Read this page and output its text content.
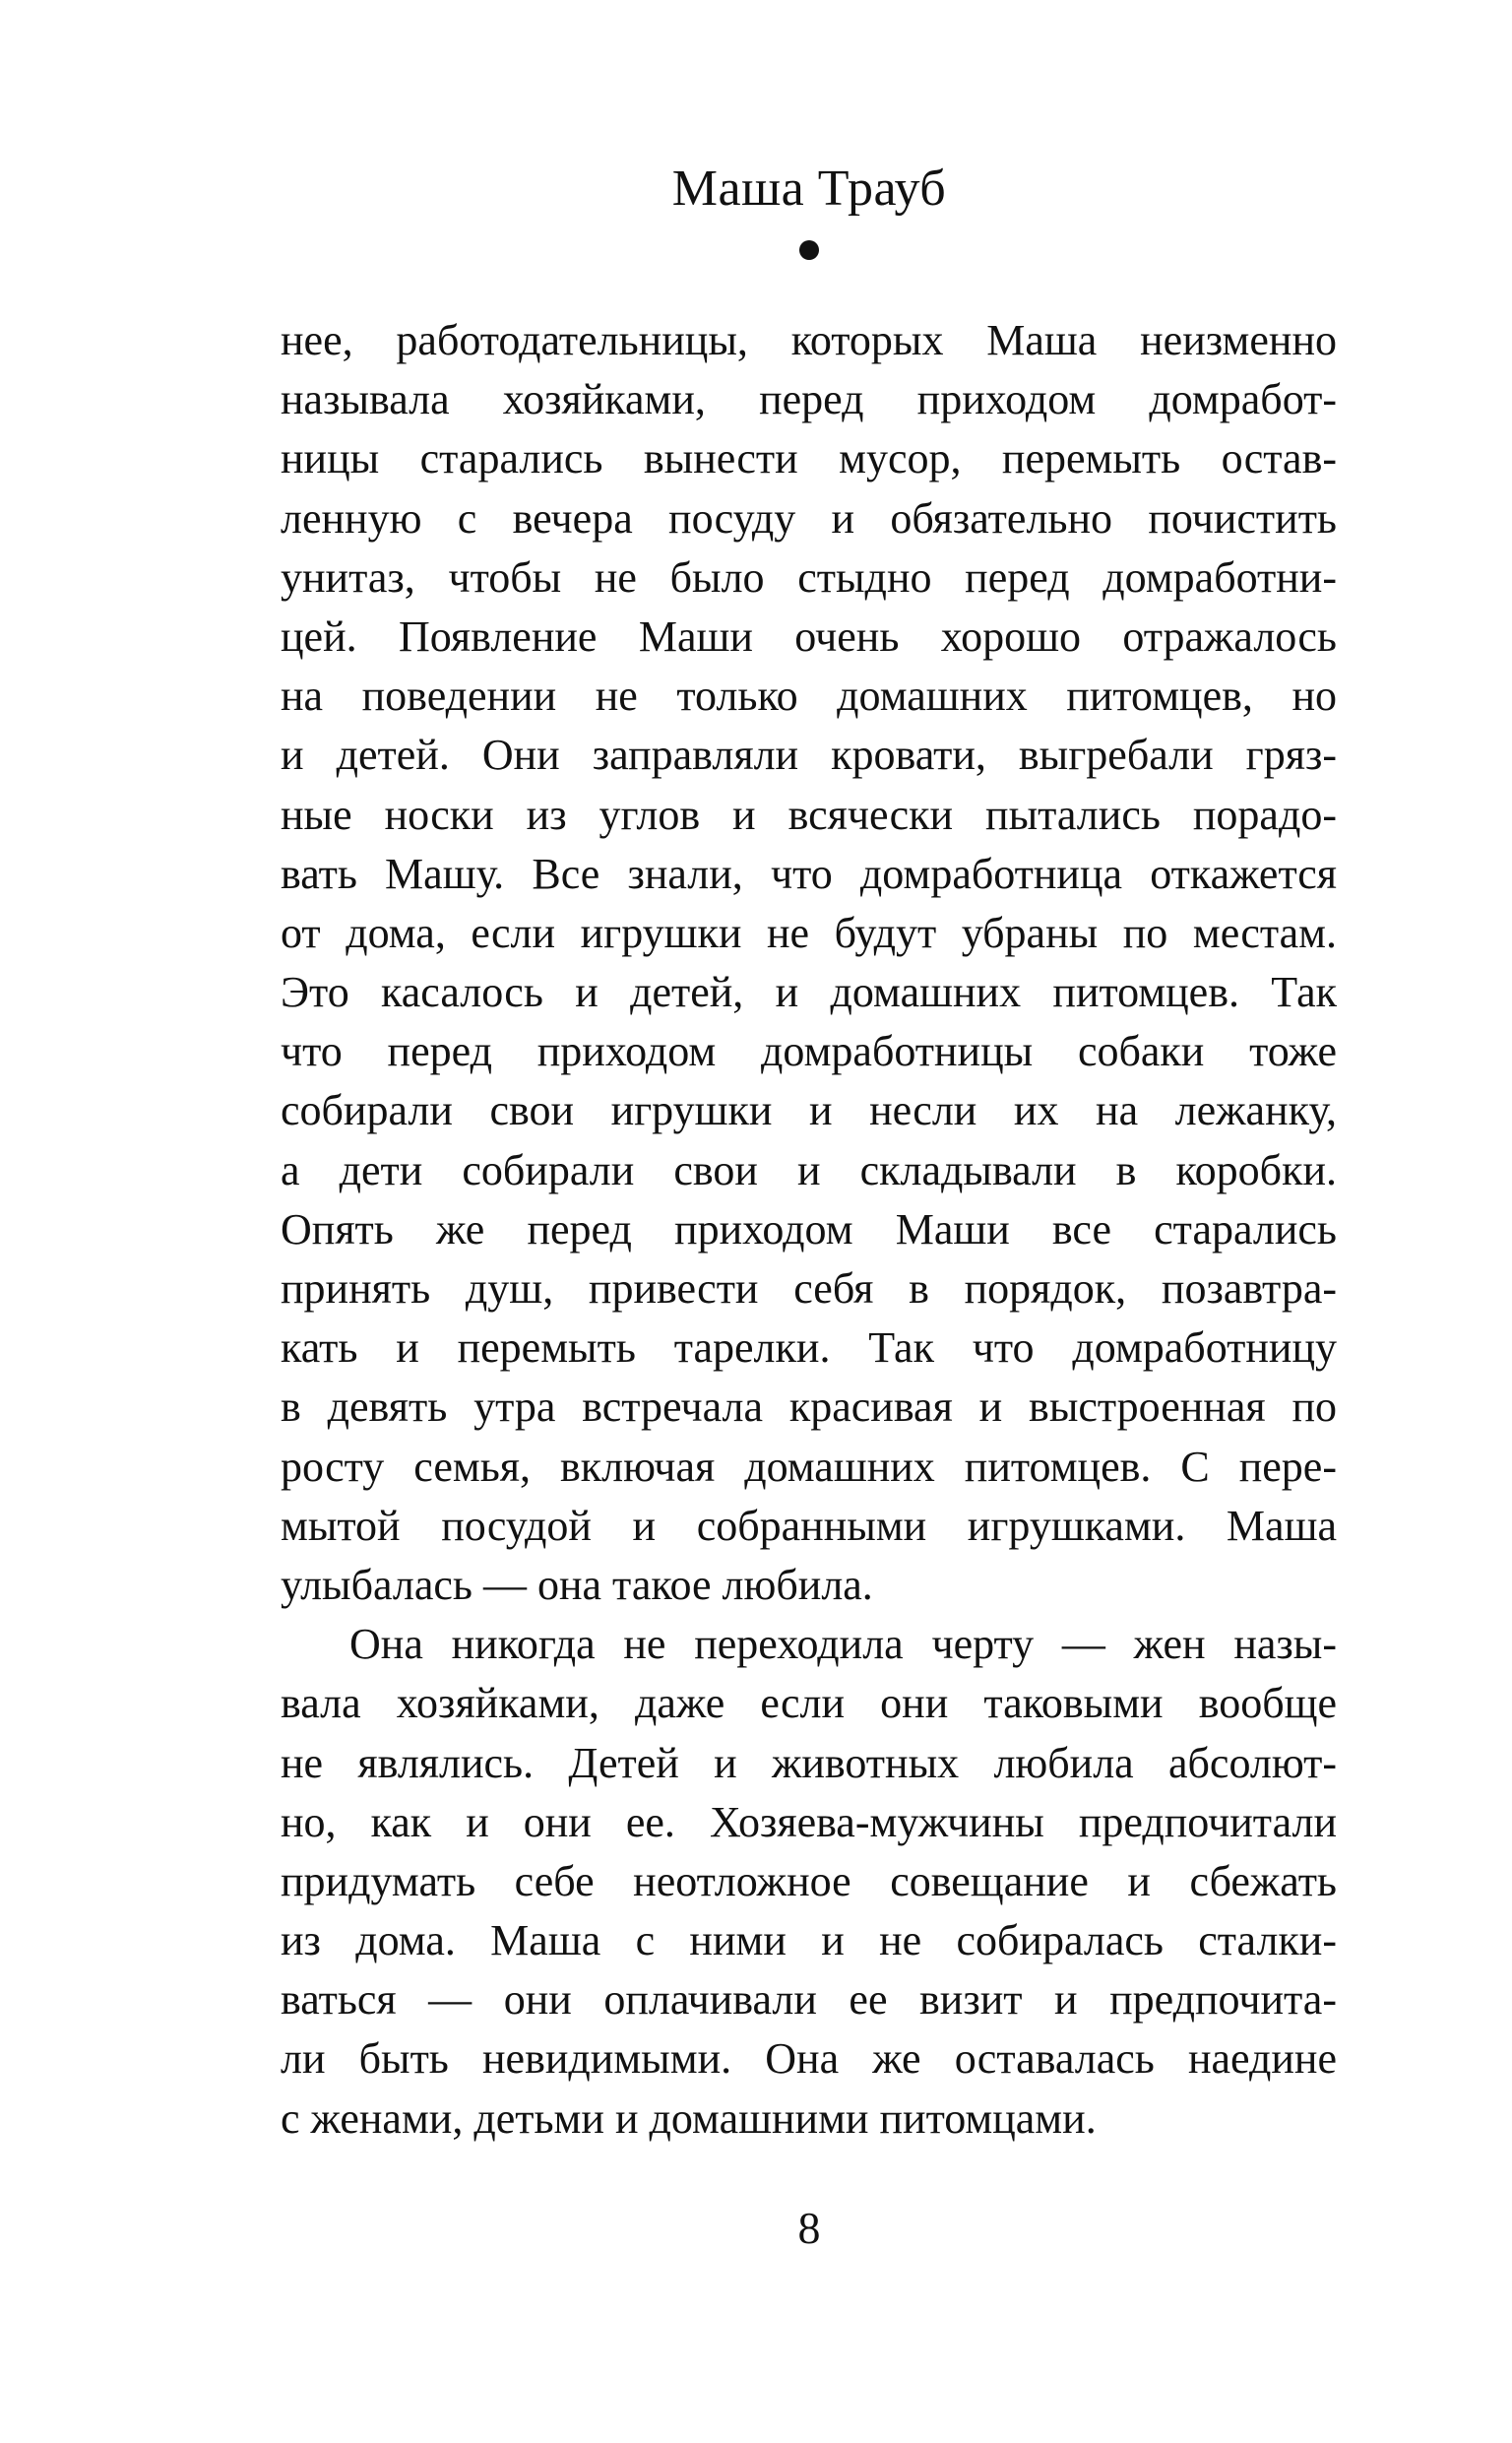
Маша Трауб
нее, работодательницы, которых Маша неизменно
называла хозяйками, перед приходом домработ-
ницы старались вынести мусор, перемыть остав-
ленную с вечера посуду и обязательно почистить
унитаз, чтобы не было стыдно перед домработни-
цей. Появление Маши очень хорошо отражалось
на поведении не только домашних питомцев, но
и детей. Они заправляли кровати, выгребали гряз-
ные носки из углов и всячески пытались порадо-
вать Машу. Все знали, что домработница откажется
от дома, если игрушки не будут убраны по местам.
Это касалось и детей, и домашних питомцев. Так
что перед приходом домработницы собаки тоже
собирали свои игрушки и несли их на лежанку,
а дети собирали свои и складывали в коробки.
Опять же перед приходом Маши все старались
принять душ, привести себя в порядок, позавтра-
кать и перемыть тарелки. Так что домработницу
в девять утра встречала красивая и выстроенная по
росту семья, включая домашних питомцев. С пере-
мытой посудой и собранными игрушками. Маша
улыбалась — она такое любила.
Она никогда не переходила черту — жен назы-
вала хозяйками, даже если они таковыми вообще
не являлись. Детей и животных любила абсолют-
но, как и они ее. Хозяева-мужчины предпочитали
придумать себе неотложное совещание и сбежать
из дома. Маша с ними и не собиралась сталки-
ваться — они оплачивали ее визит и предпочита-
ли быть невидимыми. Она же оставалась наедине
с женами, детьми и домашними питомцами.
8
